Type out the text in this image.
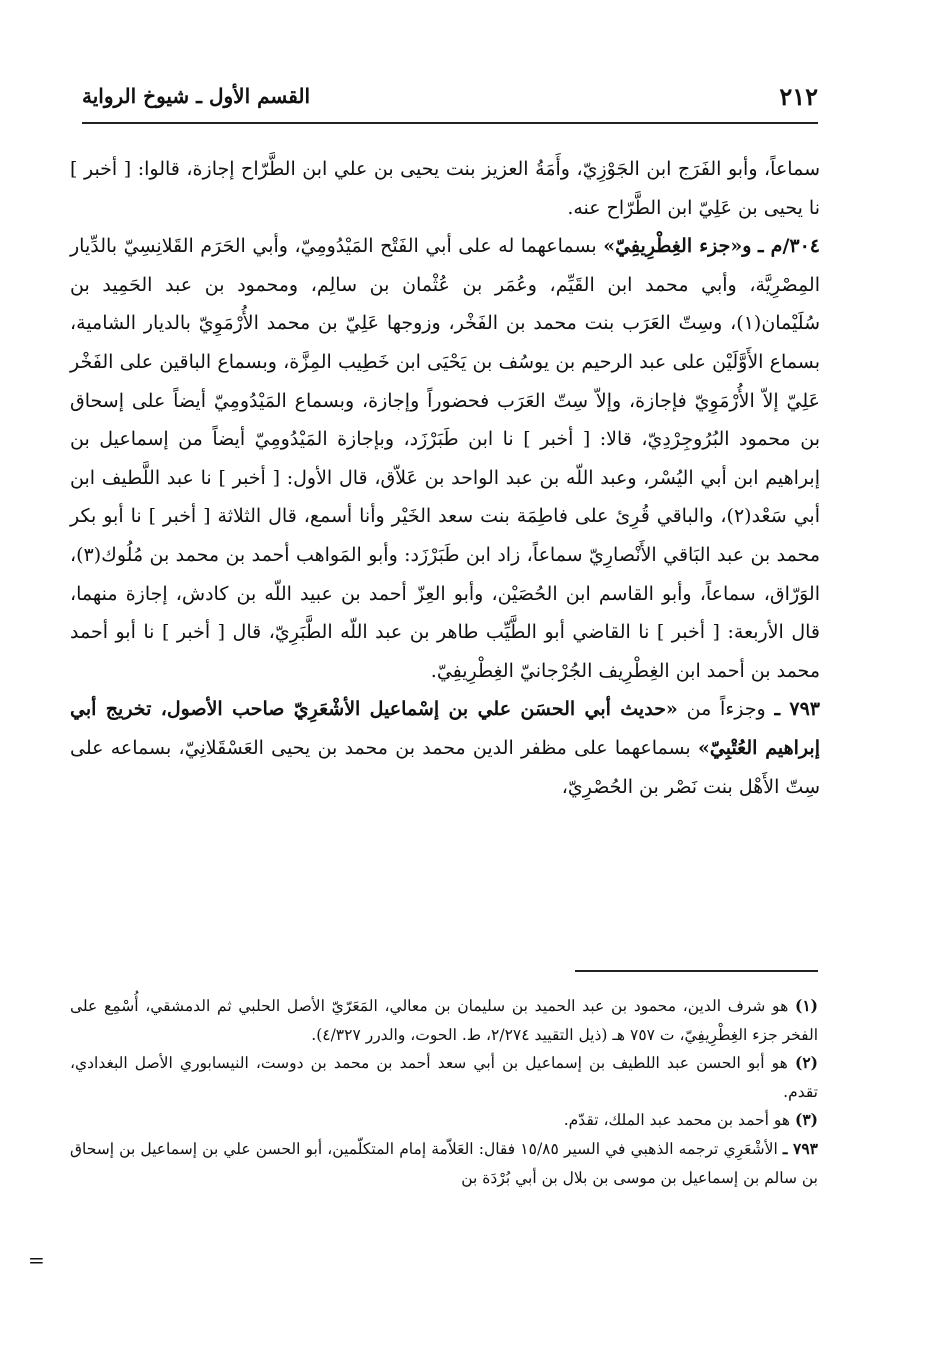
٢١٢
القسم الأول ـ شيوخ الرواية

سماعاً، وأبو الفَرَج ابن الجَوْزِيّ، وأَمَةُ العزيز بنت يحيى بن علي ابن الطَّرّاح إجازة، قالوا: [ أخبر ] نا يحيى بن عَلِيّ ابن الطَّرّاح عنه.

٣٠٤/م ـ و«جزء الغِطْرِيفِيّ» بسماعهما له على أبي الفَتْح المَيْدُومِيّ، وأبي الحَرَم القَلانِسِيّ بالدِّيار المِصْرِيَّة، وأبي محمد ابن القَيِّم، وعُمَر بن عُثْمان بن سالِم، ومحمود بن عبد الحَمِيد بن سُلَيْمان(١)، وسِتّ العَرَب بنت محمد بن الفَخْر، وزوجها عَلِيّ بن محمد الأُرْمَوِيّ بالديار الشامية، بسماع الأَوَّلَيْن على عبد الرحيم بن يوسُف بن يَحْيَى ابن خَطِيب المِزَّة، وبسماع الباقين على الفَخْر عَلِيّ إلاّ الأُرْمَوِيّ فإجازة، وإلاّ سِتّ العَرَب فحضوراً وإجازة، وبسماع المَيْدُومِيّ أيضاً على إسحاق بن محمود البُرُوجِرْدِيّ، قالا: [ أخبر ] نا ابن طَبَرْزَد، وبإجازة المَيْدُومِيّ أيضاً من إسماعيل بن إبراهيم ابن أبي اليُسْر، وعبد اللّه بن عبد الواحد بن عَلاّق، قال الأول: [ أخبر ] نا عبد اللَّطيف ابن أبي سَعْد(٢)، والباقي قُرِئ على فاطِمَة بنت سعد الخَيْر وأنا أسمع، قال الثلاثة [ أخبر ] نا أبو بكر محمد بن عبد البَاقي الأَنْصارِيّ سماعاً، زاد ابن طَبَرْزَد: وأبو المَواهب أحمد بن محمد بن مُلُوك(٣)، الوَرّاق، سماعاً، وأبو القاسم ابن الحُصَيْن، وأبو العِزّ أحمد بن عبيد اللّه بن كادش، إجازة منهما، قال الأربعة: [ أخبر ] نا القاضي أبو الطَّيِّب طاهر بن عبد اللّه الطَّبَرِيّ، قال [ أخبر ] نا أبو أحمد محمد بن أحمد ابن الغِطْرِيف الجُرْجانيّ الغِطْرِيفِيّ.

٧٩٣ ـ وجزءاً من «حديث أبي الحسَن علي بن إسْماعيل الأشْعَرِيّ صاحب الأصول، تخريج أبي إبراهيم العُتْبِيّ» بسماعهما على مظفر الدين محمد بن محمد بن يحيى العَسْقَلانِيّ، بسماعه على سِتّ الأَهْل بنت نَصْر بن الحُصْرِيّ،

(١) هو شرف الدين، محمود بن عبد الحميد بن سليمان بن معالي، المَعَرّيّ الأصل الحلبي ثم الدمشقي، أُسْمِع على الفخر جزء الغِطْرِيفِيّ، ت ٧٥٧ هـ (ذيل التقييد ٢/٢٧٤، ط. الحوت، والدرر ٤/٣٢٧).

(٢) هو أبو الحسن عبد اللطيف بن إسماعيل بن أبي سعد أحمد بن محمد بن دوست، النيسابوري الأصل البغدادي، تقدم.

(٣) هو أحمد بن محمد عبد الملك، تقدّم.

٧٩٣ ـ الأشْعَرِي ترجمه الذهبي في السير ١٥/٨٥ فقال: العَلاّمة إمام المتكلّمين، أبو الحسن علي بن إسماعيل بن إسحاق بن سالم بن إسماعيل بن موسى بن بلال بن أبي بُرْدَة بن

=
